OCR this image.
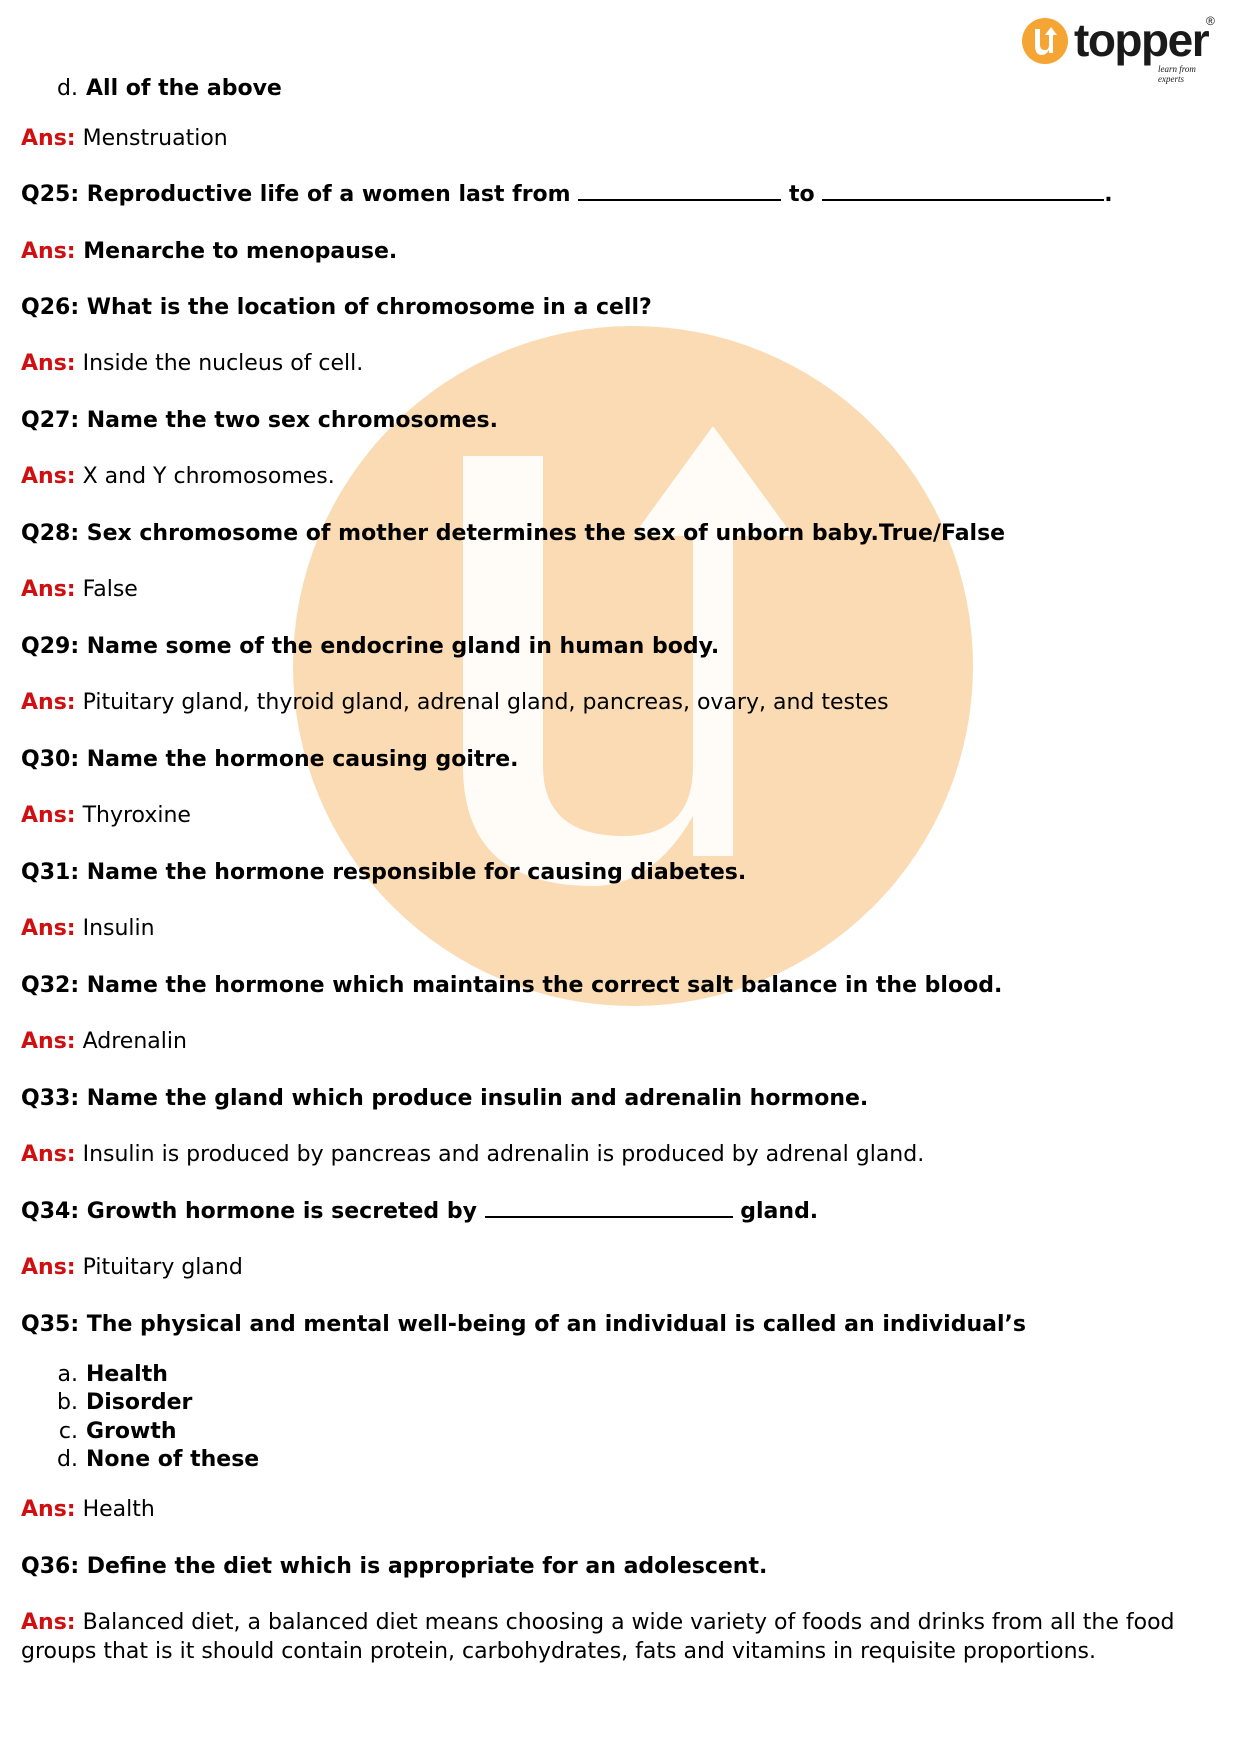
topper
®
learn from experts
d. All of the above
Ans: Menstruation
Q25: Reproductive life of a women last from	to	.
Ans: Menarche to menopause.
Q26: What is the location of chromosome in a cell?
Ans: Inside the nucleus of cell.
Q27: Name the two sex chromosomes.
Ans: X and Y chromosomes.
Q28: Sex chromosome of mother determines the sex of unborn baby.True/False
Ans: False
Q29: Name some of the endocrine gland in human body.
Ans: Pituitary gland, thyroid gland, adrenal gland, pancreas, ovary, and testes
Q30: Name the hormone causing goitre.
Ans: Thyroxine
Q31: Name the hormone responsible for causing diabetes.
Ans: Insulin
Q32: Name the hormone which maintains the correct salt balance in the blood.
Ans: Adrenalin
Q33: Name the gland which produce insulin and adrenalin hormone.
Ans: Insulin is produced by pancreas and adrenalin is produced by adrenal gland.
Q34: Growth hormone is secreted by	gland.
Ans: Pituitary gland
Q35: The physical and mental well-being of an individual is called an individual’s
a. Health
b. Disorder
c. Growth
d. None of these
Ans: Health
Q36: Define the diet which is appropriate for an adolescent.
Ans: Balanced diet, a balanced diet means choosing a wide variety of foods and drinks from all the food groups that is it should contain protein, carbohydrates, fats and vitamins in requisite proportions.
